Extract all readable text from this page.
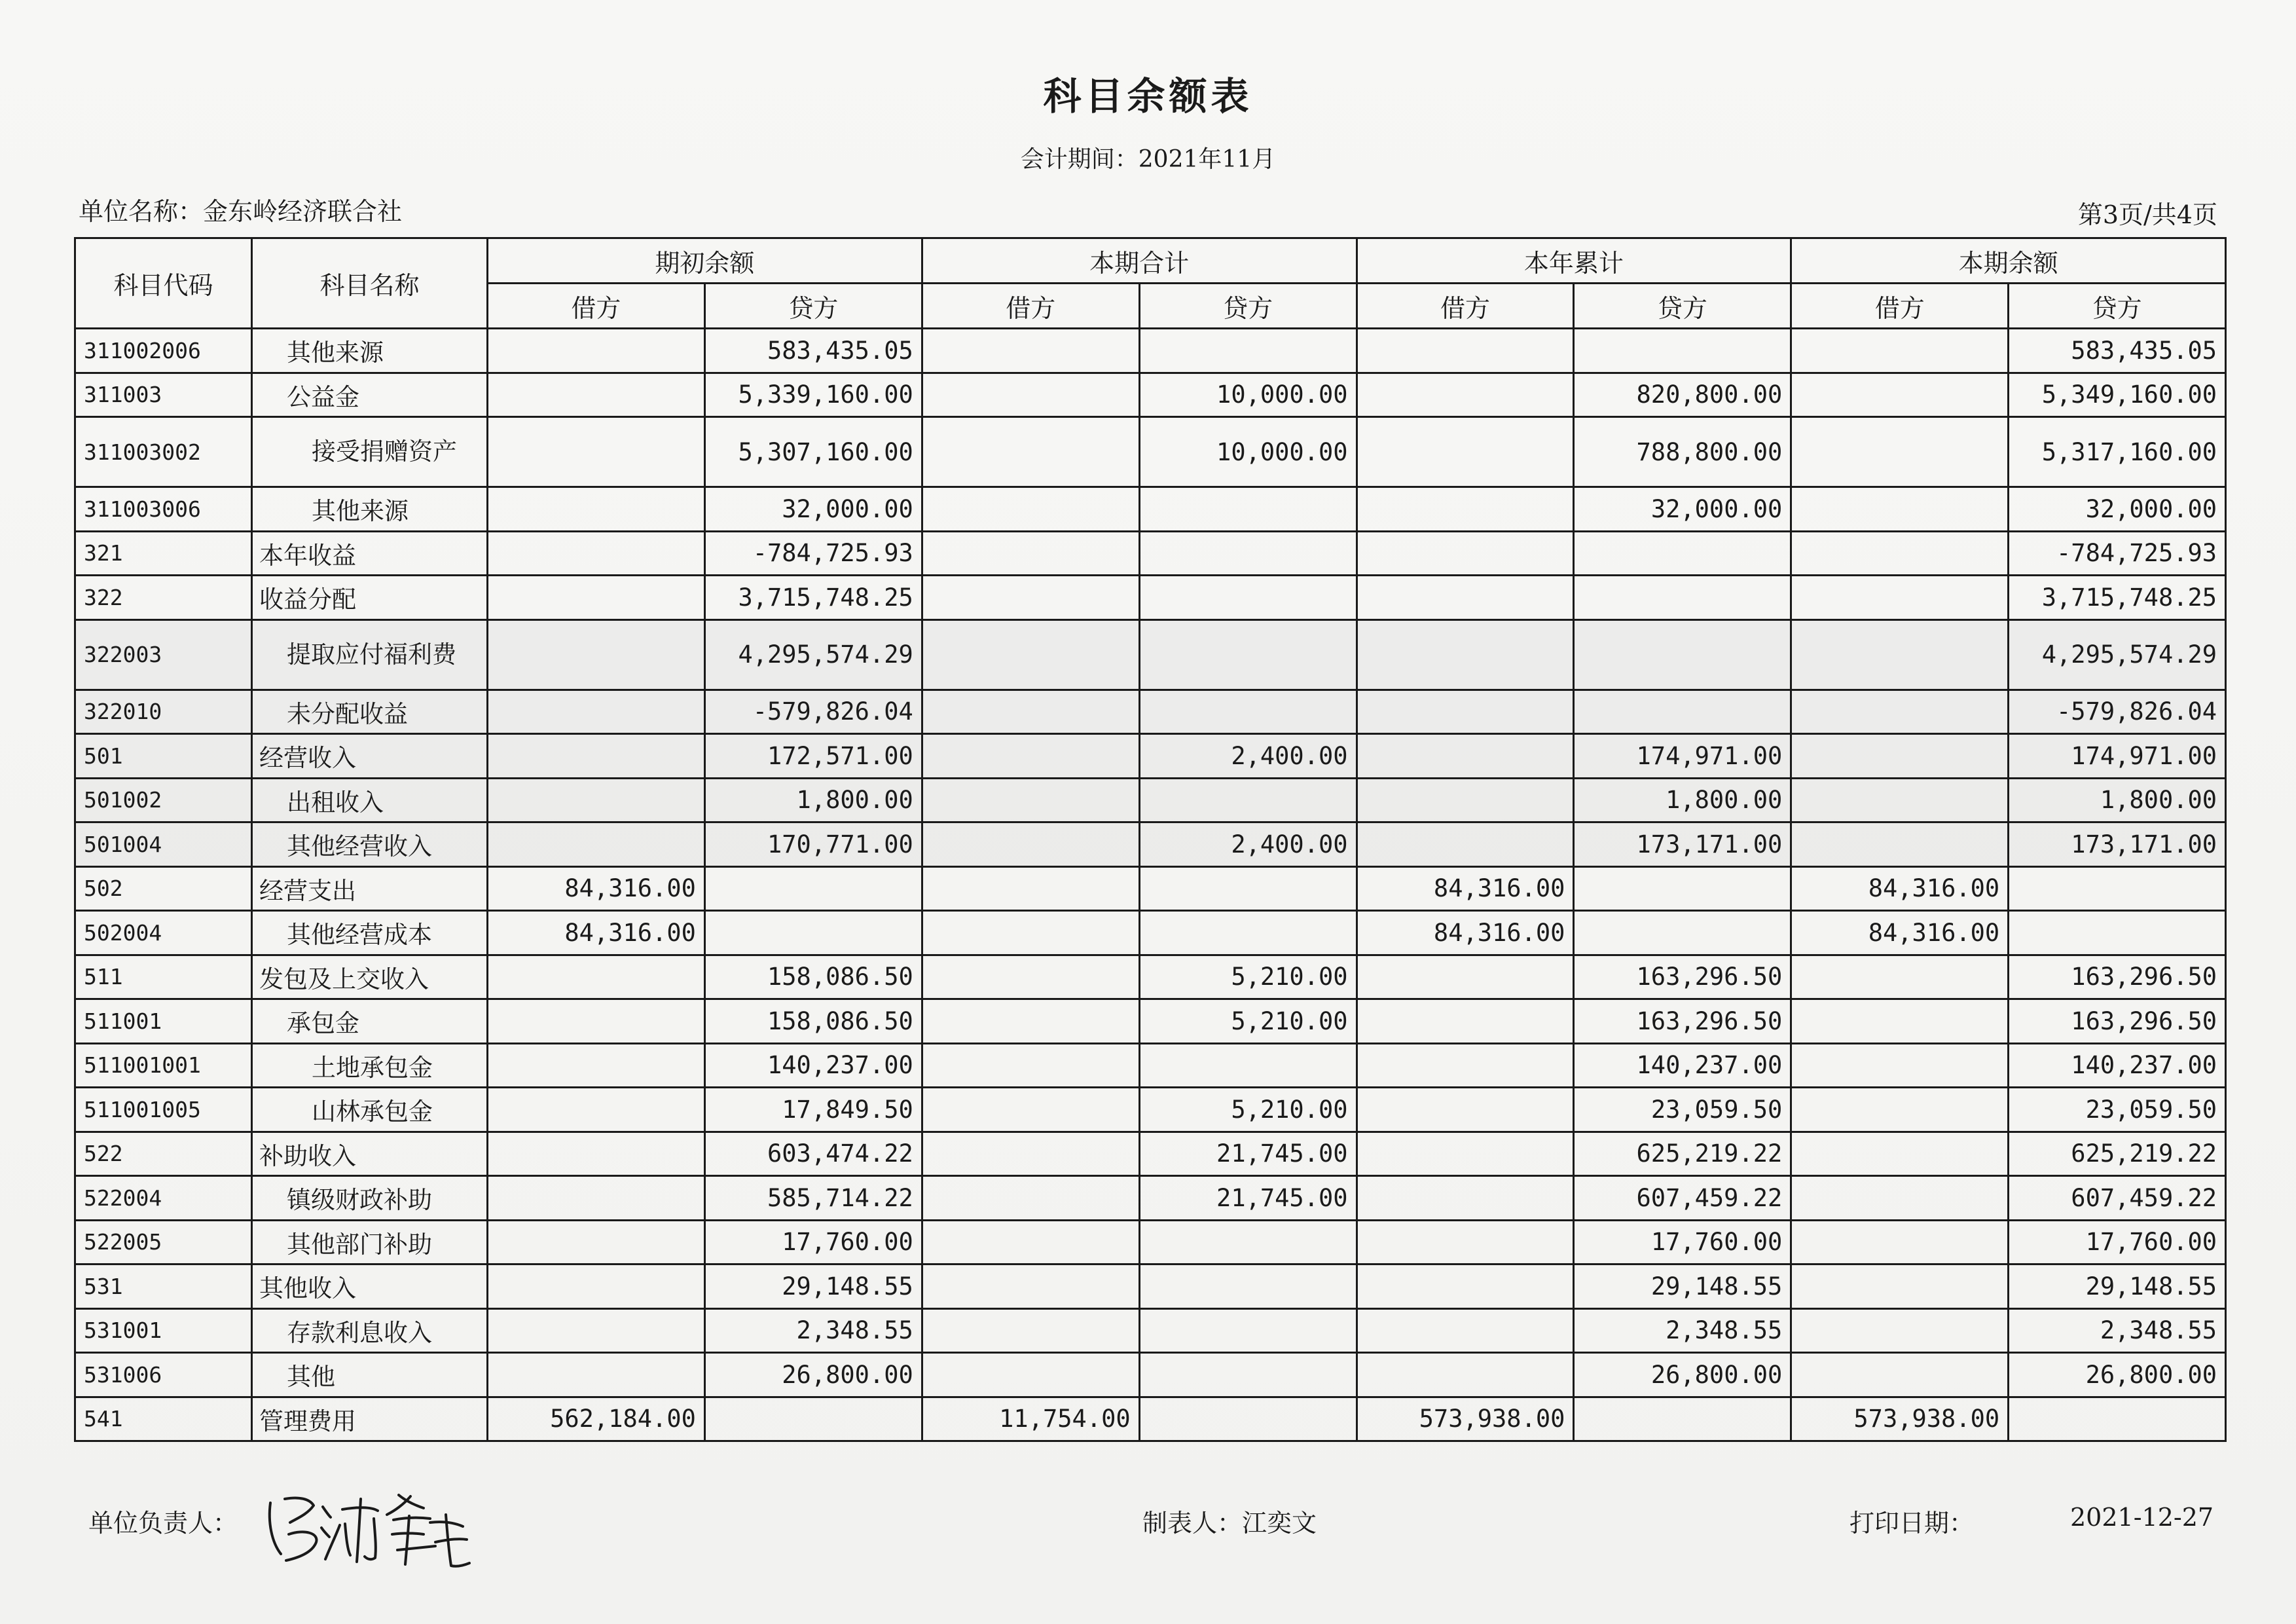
科目余额表
会计期间：2021年11月
单位名称：金东岭经济联合社	第3页/共4页
科目代码	科目名称	期初余额		本期合计		本年累计		本期余额	
		借方	贷方	借方	贷方	借方	贷方	借方	贷方
311002006	其他来源		583,435.05						583,435.05
311003	公益金		5,339,160.00		10,000.00		820,800.00		5,349,160.00
311003002	接受捐赠资产		5,307,160.00		10,000.00		788,800.00		5,317,160.00
311003006	其他来源		32,000.00				32,000.00		32,000.00
321	本年收益		-784,725.93						-784,725.93
322	收益分配		3,715,748.25						3,715,748.25
322003	提取应付福利费		4,295,574.29						4,295,574.29
322010	未分配收益		-579,826.04						-579,826.04
501	经营收入		172,571.00		2,400.00		174,971.00		174,971.00
501002	出租收入		1,800.00				1,800.00		1,800.00
501004	其他经营收入		170,771.00		2,400.00		173,171.00		173,171.00
502	经营支出	84,316.00				84,316.00		84,316.00	
502004	其他经营成本	84,316.00				84,316.00		84,316.00	
511	发包及上交收入		158,086.50		5,210.00		163,296.50		163,296.50
511001	承包金		158,086.50		5,210.00		163,296.50		163,296.50
511001001	土地承包金		140,237.00				140,237.00		140,237.00
511001005	山林承包金		17,849.50		5,210.00		23,059.50		23,059.50
522	补助收入		603,474.22		21,745.00		625,219.22		625,219.22
522004	镇级财政补助		585,714.22		21,745.00		607,459.22		607,459.22
522005	其他部门补助		17,760.00				17,760.00		17,760.00
531	其他收入		29,148.55				29,148.55		29,148.55
531001	存款利息收入		2,348.55				2,348.55		2,348.55
531006	其他		26,800.00				26,800.00		26,800.00
541	管理费用	562,184.00		11,754.00		573,938.00		573,938.00	
单位负责人：	制表人：江奕文	打印日期：	2021-12-27
